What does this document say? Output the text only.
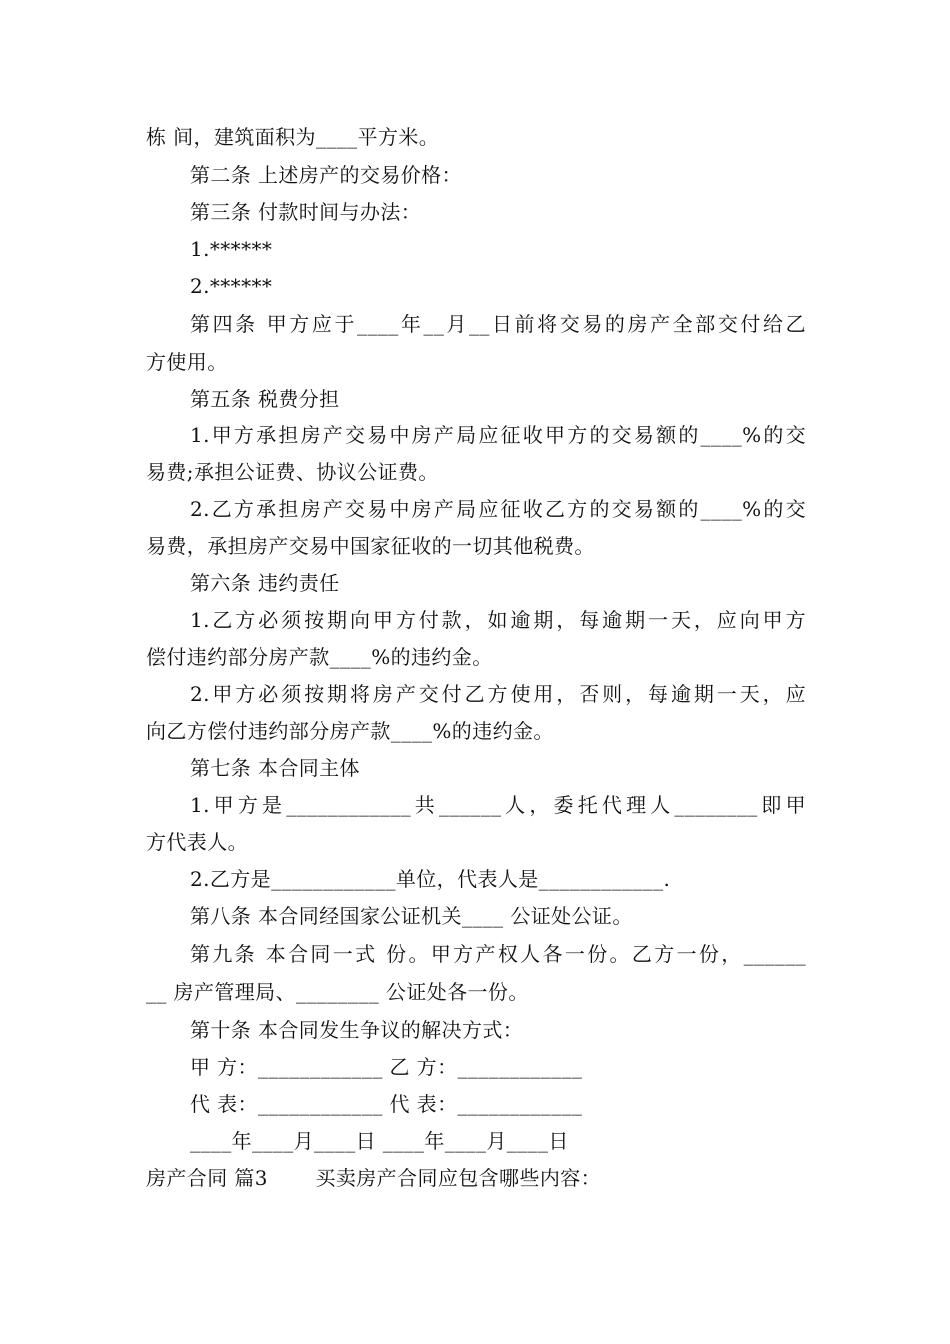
栋 间，建筑面积为____平方米。
第二条 上述房产的交易价格：
第三条 付款时间与办法：
1.******
2.******
第四条 甲方应于____年__月__日前将交易的房产全部交付给乙
方使用。
第五条 税费分担
1.甲方承担房产交易中房产局应征收甲方的交易额的____%的交
易费;承担公证费、协议公证费。
2.乙方承担房产交易中房产局应征收乙方的交易额的____%的交
易费，承担房产交易中国家征收的一切其他税费。
第六条 违约责任
1.乙方必须按期向甲方付款，如逾期，每逾期一天，应向甲方
偿付违约部分房产款____%的违约金。
2.甲方必须按期将房产交付乙方使用，否则，每逾期一天，应
向乙方偿付违约部分房产款____%的违约金。
第七条 本合同主体
1.甲方是____________共______人，委托代理人________即甲
方代表人。
2.乙方是____________单位，代表人是____________.
第八条 本合同经国家公证机关____ 公证处公证。
第九条 本合同一式 份。甲方产权人各一份。乙方一份，______
__ 房产管理局、________ 公证处各一份。
第十条 本合同发生争议的解决方式：
甲 方：____________ 乙 方：____________
代 表：____________ 代 表：____________
____年____月____日 ____年____月____日
房产合同 篇3　　 买卖房产合同应包含哪些内容：
